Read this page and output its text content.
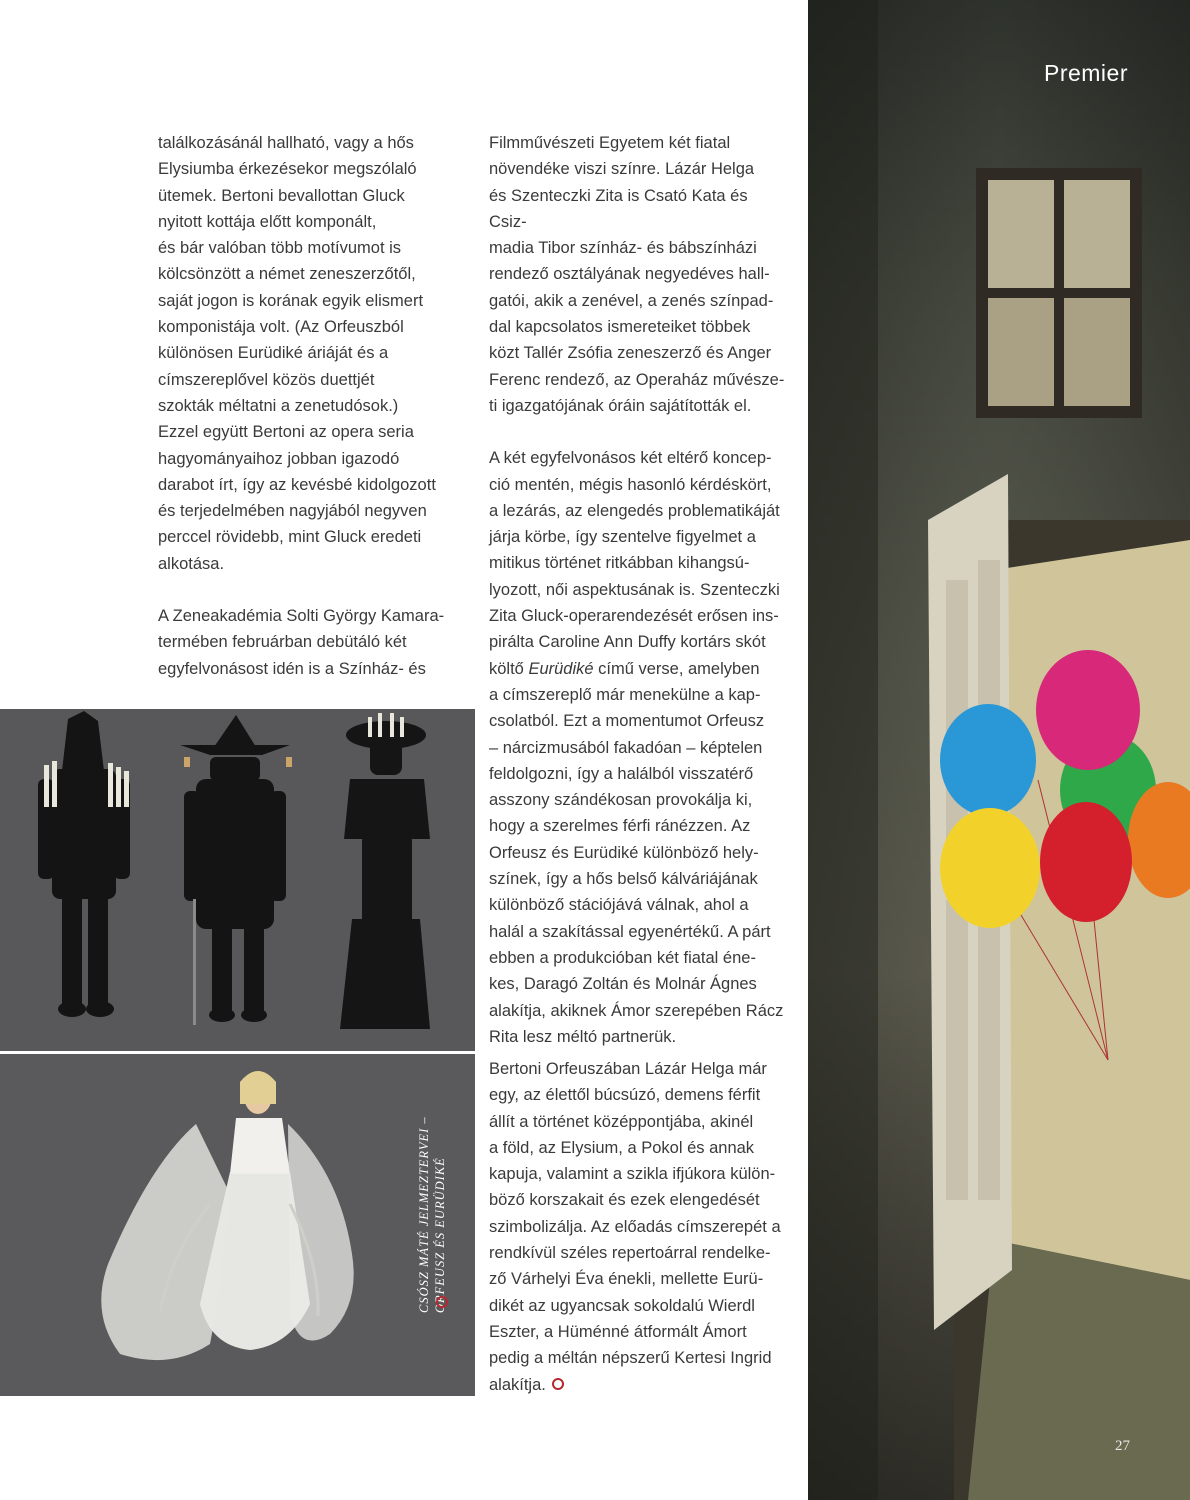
találkozásánál hallható, vagy a hős
Elysiumba érkezésekor megszólaló
ütemek. Bertoni bevallottan Gluck
nyitott kottája előtt komponált,
és bár valóban több motívumot is
kölcsönzött a német zeneszerzőtől,
saját jogon is korának egyik elismert
komponistája volt. (Az Orfeuszból
különösen Eurüdiké áriáját és a
címszereplővel közös duettjét
szokták méltatni a zenetudósok.)
Ezzel együtt Bertoni az opera seria
hagyományaihoz jobban igazodó
darabot írt, így az kevésbé kidolgozott
és terjedelmében nagyjából negyven
perccel rövidebb, mint Gluck eredeti
alkotása.

A Zeneakadémia Solti György Kamara-
termében februárban debütáló két
egyfelvonásost idén is a Színház- és

Filmművészeti Egyetem két fiatal
növendéke viszi színre. Lázár Helga
és Szenteczki Zita is Csató Kata és Csiz-
madia Tibor színház- és bábszínházi
rendező osztályának negyedéves hall-
gatói, akik a zenével, a zenés színpad-
dal kapcsolatos ismereteiket többek
közt Tallér Zsófia zeneszerző és Anger
Ferenc rendező, az Operaház művésze-
ti igazgatójának óráin sajátították el.

A két egyfelvonásos két eltérő koncep-
ció mentén, mégis hasonló kérdéskört,
a lezárás, az elengedés problematikáját
járja körbe, így szentelve figyelmet a
mitikus történet ritkábban kihangsú-
lyozott, női aspektusának is. Szenteczki
Zita Gluck-operarendezését erősen ins-
pirálta Caroline Ann Duffy kortárs skót
költő Eurüdiké című verse, amelyben
a címszereplő már menekülne a kap-
csolatból. Ezt a momentumot Orfeusz
– nárcizmusából fakadóan – képtelen
feldolgozni, így a halálból visszatérő
asszony szándékosan provokálja ki,
hogy a szerelmes férfi ránézzen. Az
Orfeusz és Eurüdiké különböző hely-
színek, így a hős belső kálváriájának
különböző stációjává válnak, ahol a
halál a szakítással egyenértékű. A párt
ebben a produkcióban két fiatal éne-
kes, Daragó Zoltán és Molnár Ágnes
alakítja, akiknek Ámor szerepében Rácz
Rita lesz méltó partnerük.

Bertoni Orfeuszában Lázár Helga már
egy, az élettől búcsúzó, demens férfit
állít a történet középpontjába, akinél
a föld, az Elysium, a Pokol és annak
kapuja, valamint a szikla ifjúkora külön-
böző korszakait és ezek elengedését
szimbolizálja. Az előadás címszerepét a
rendkívül széles repertoárral rendelke-
ző Várhelyi Éva énekli, mellette Eurü-
dikét az ugyancsak sokoldalú Wierdl
Eszter, a Hüménné átformált Ámort
pedig a méltán népszerű Kertesi Ingrid
alakítja.

CSÓSZ MÁTÉ JELMEZTERVEI – ORFEUSZ ÉS EURÜDIKÉ
Premier
27
